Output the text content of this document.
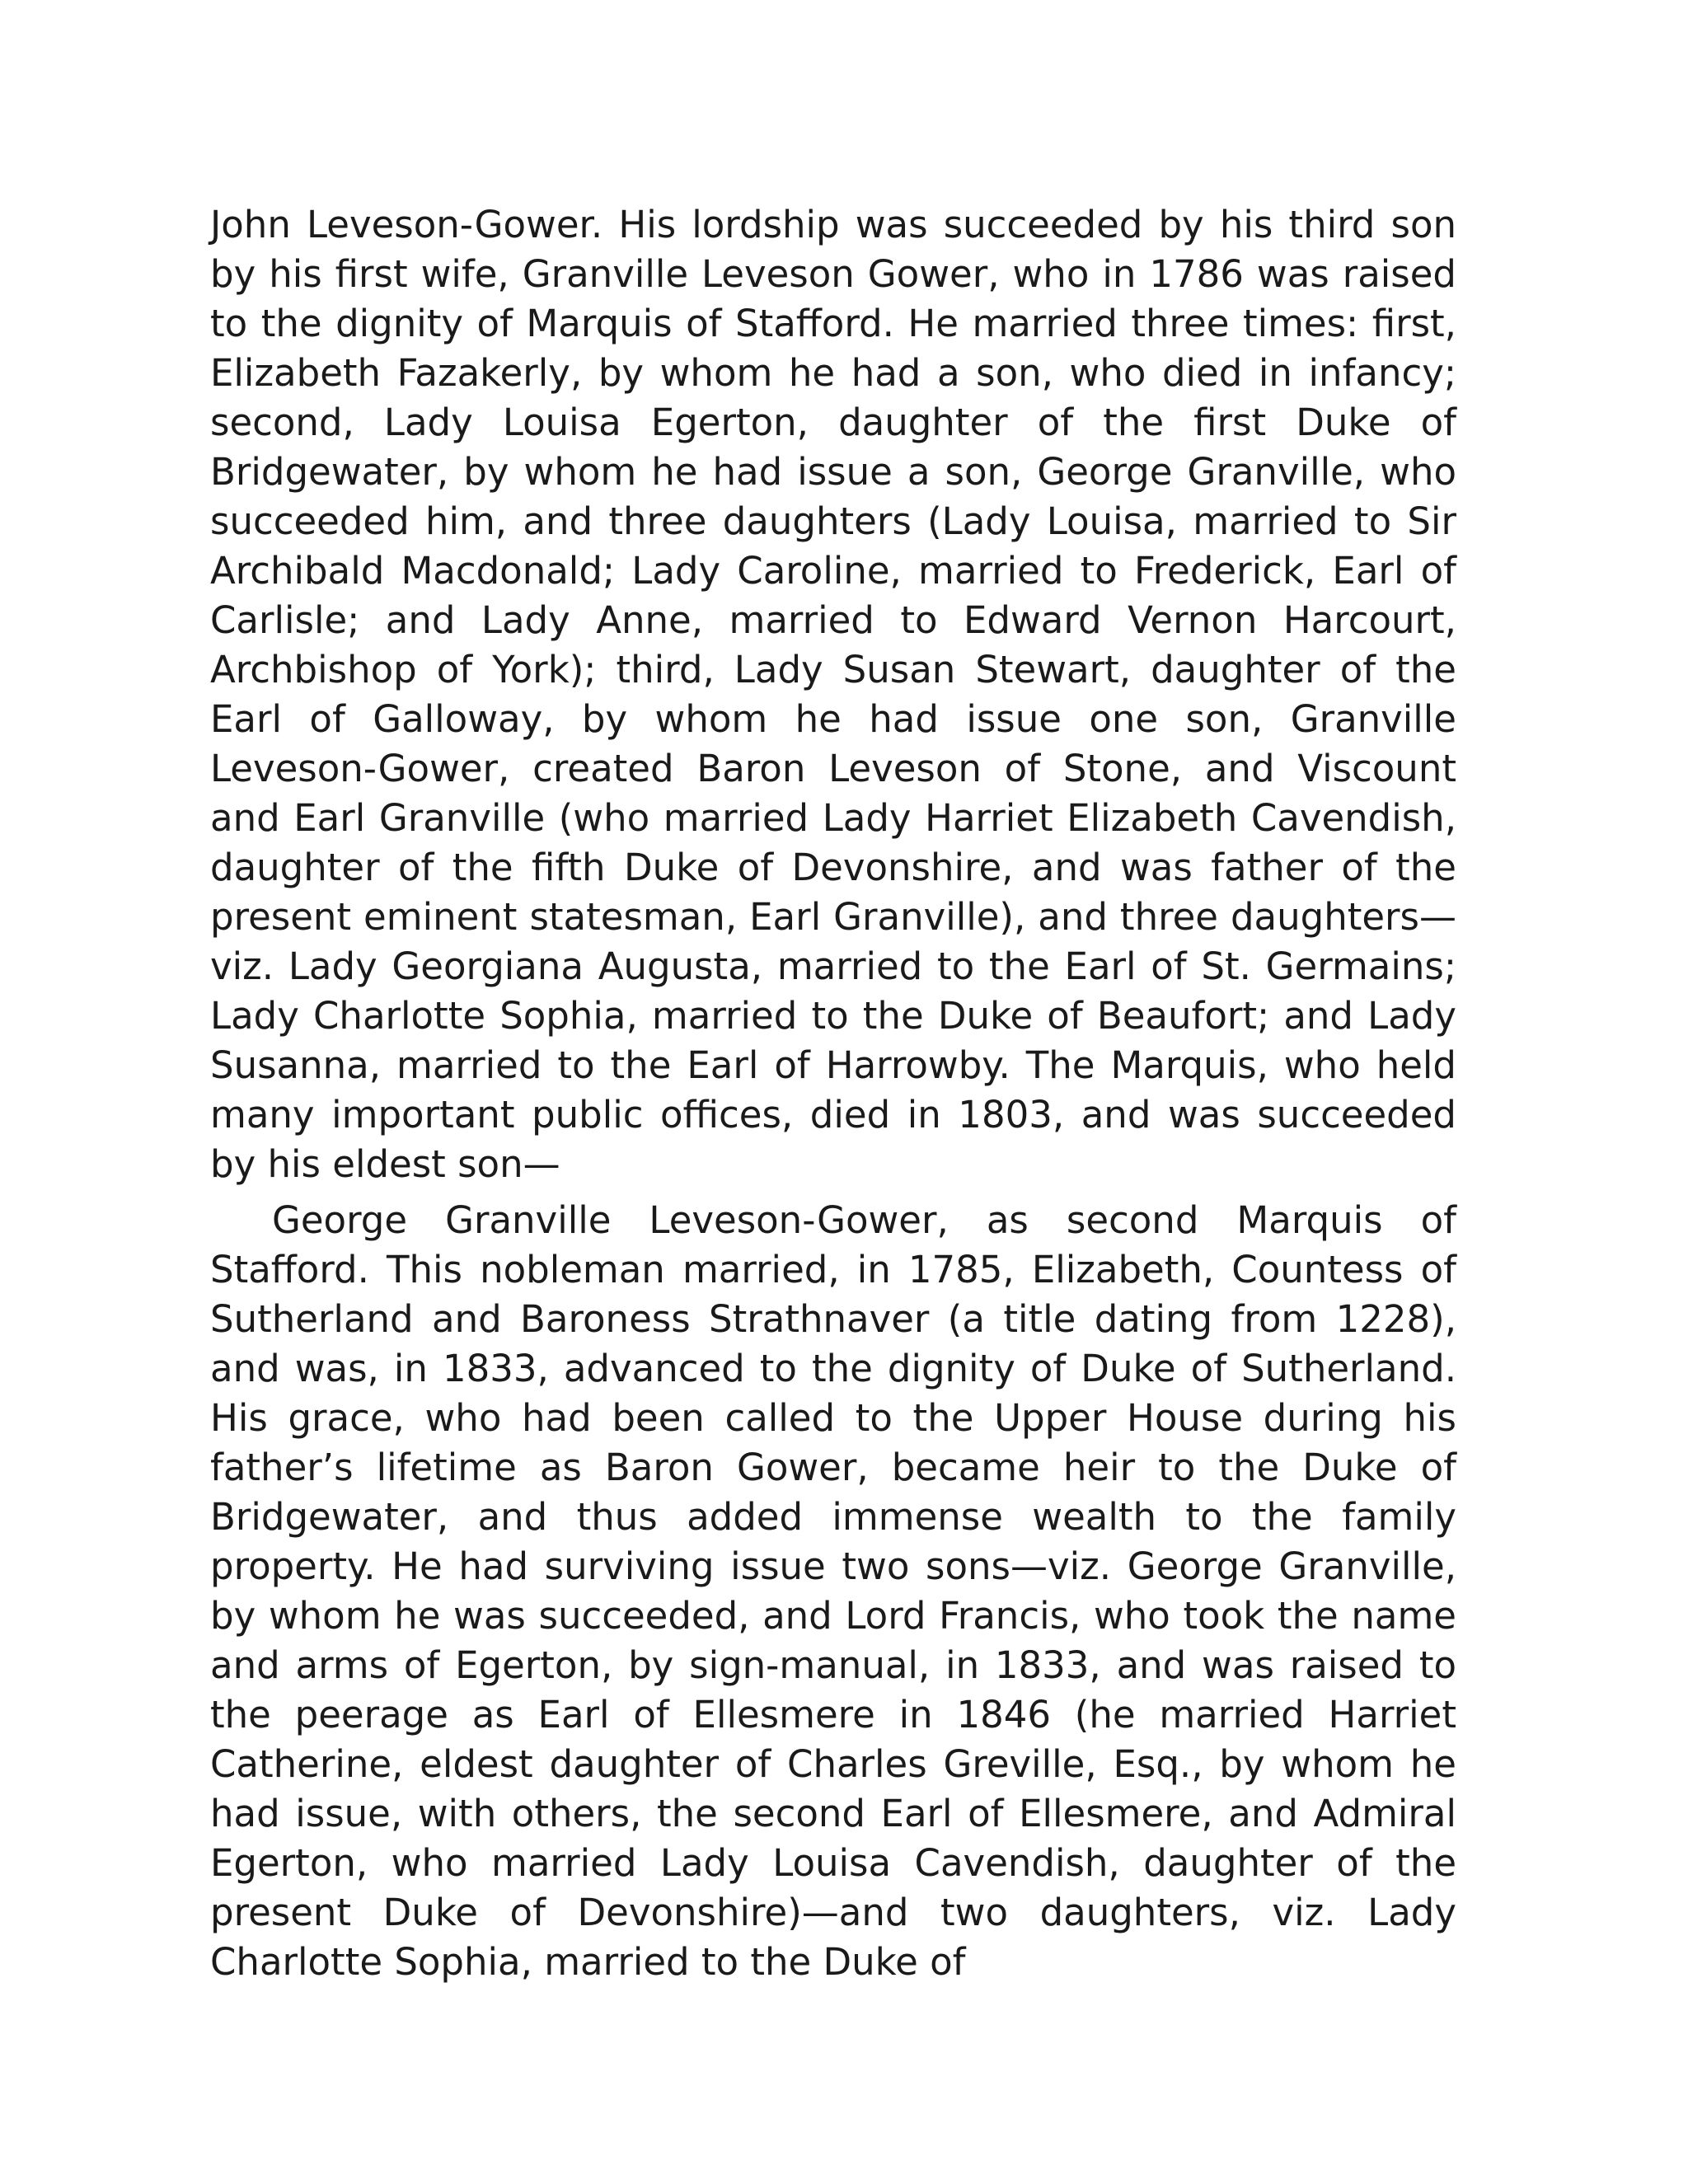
John Leveson-Gower. His lordship was succeeded by his third son by his first wife, Granville Leveson Gower, who in 1786 was raised to the dignity of Marquis of Stafford. He married three times: first, Elizabeth Fazakerly, by whom he had a son, who died in infancy; second, Lady Louisa Egerton, daughter of the first Duke of Bridgewater, by whom he had issue a son, George Granville, who succeeded him, and three daughters (Lady Louisa, married to Sir Archibald Macdonald; Lady Caroline, married to Frederick, Earl of Carlisle; and Lady Anne, married to Edward Vernon Harcourt, Archbishop of York); third, Lady Susan Stewart, daughter of the Earl of Galloway, by whom he had issue one son, Granville Leveson-Gower, created Baron Leveson of Stone, and Viscount and Earl Granville (who married Lady Harriet Elizabeth Cavendish, daughter of the fifth Duke of Devonshire, and was father of the present eminent statesman, Earl Granville), and three daughters—viz. Lady Georgiana Augusta, married to the Earl of St. Germains; Lady Charlotte Sophia, married to the Duke of Beaufort; and Lady Susanna, married to the Earl of Harrowby. The Marquis, who held many important public offices, died in 1803, and was succeeded by his eldest son—

George Granville Leveson-Gower, as second Marquis of Stafford. This nobleman married, in 1785, Elizabeth, Countess of Sutherland and Baroness Strathnaver (a title dating from 1228), and was, in 1833, advanced to the dignity of Duke of Sutherland. His grace, who had been called to the Upper House during his father’s lifetime as Baron Gower, became heir to the Duke of Bridgewater, and thus added immense wealth to the family property. He had surviving issue two sons—viz. George Granville, by whom he was succeeded, and Lord Francis, who took the name and arms of Egerton, by sign-manual, in 1833, and was raised to the peerage as Earl of Ellesmere in 1846 (he married Harriet Catherine, eldest daughter of Charles Greville, Esq., by whom he had issue, with others, the second Earl of Ellesmere, and Admiral Egerton, who married Lady Louisa Cavendish, daughter of the present Duke of Devonshire)—and two daughters, viz. Lady Charlotte Sophia, married to the Duke of
